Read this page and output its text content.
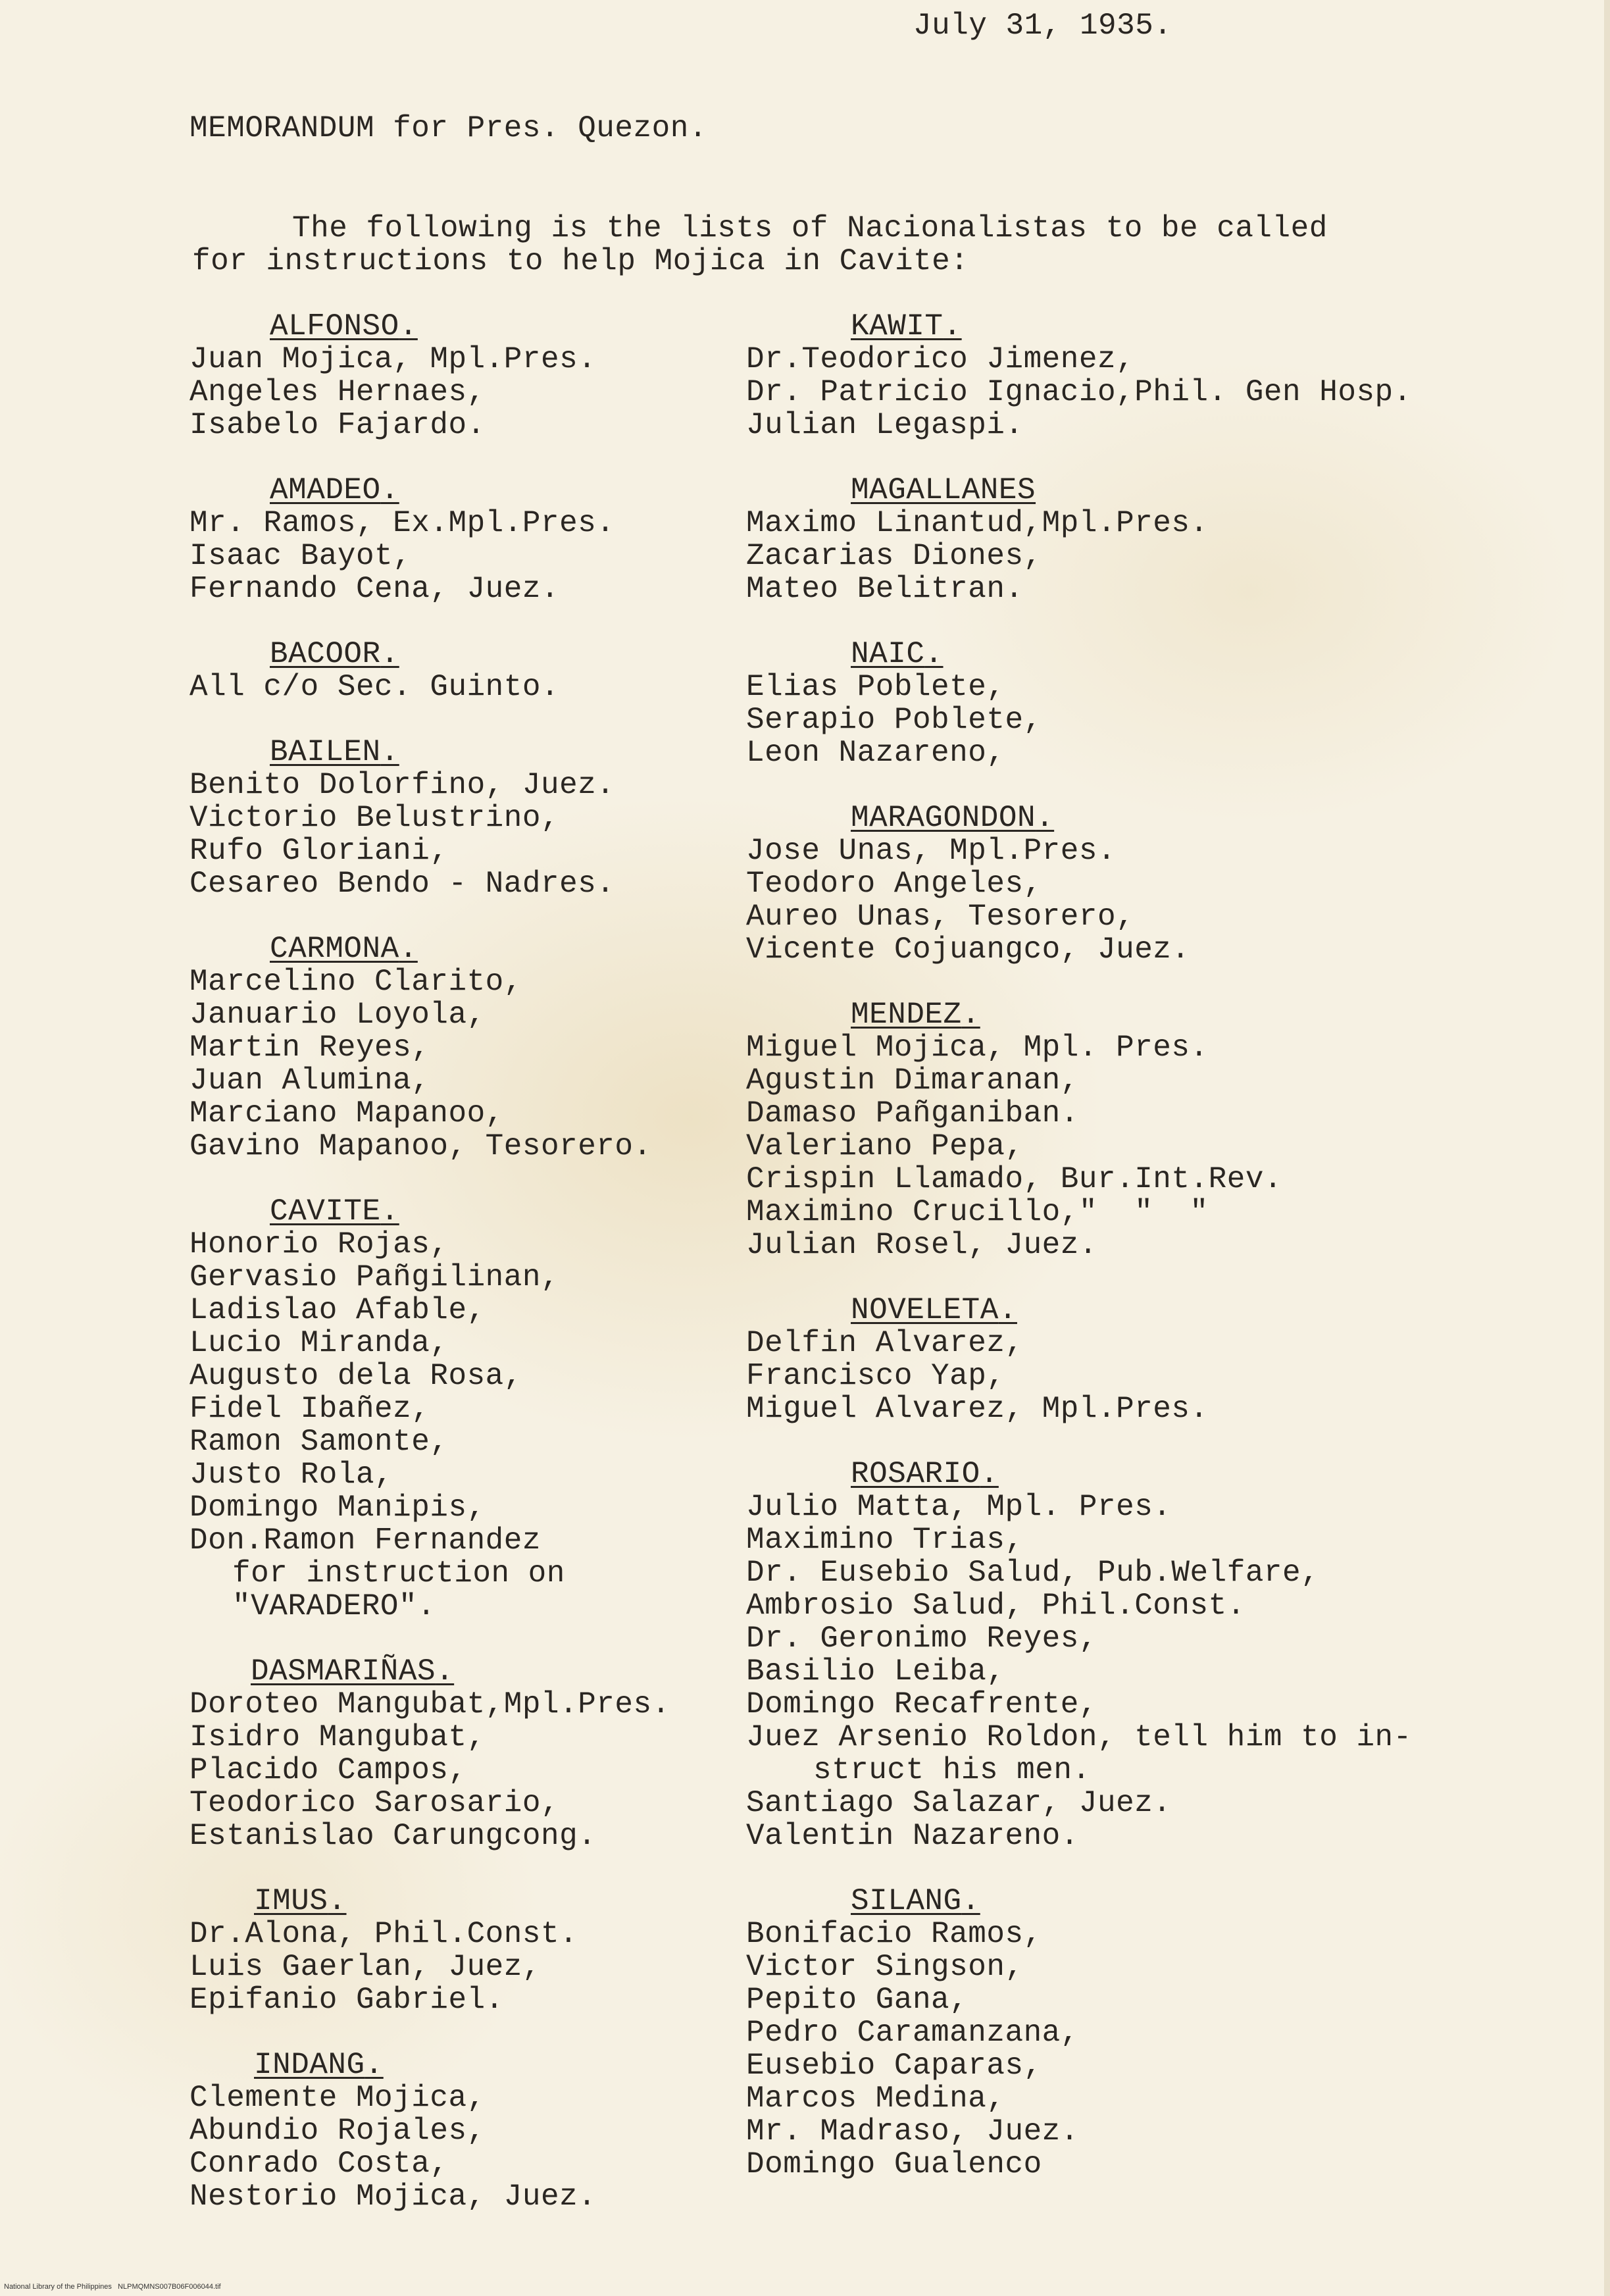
July 31, 1935.
MEMORANDUM for Pres. Quezon.
The following is the lists of Nacionalistas to be called
for instructions to help Mojica in Cavite:
ALFONSO.
Juan Mojica, Mpl.Pres.
Angeles Hernaes,
Isabelo Fajardo.
AMADEO.
Mr. Ramos, Ex.Mpl.Pres.
Isaac Bayot,
Fernando Cena, Juez.
BACOOR.
All c/o Sec. Guinto.
BAILEN.
Benito Dolorfino, Juez.
Victorio Belustrino,
Rufo Gloriani,
Cesareo Bendo - Nadres.
CARMONA.
Marcelino Clarito,
Januario Loyola,
Martin Reyes,
Juan Alumina,
Marciano Mapanoo,
Gavino Mapanoo, Tesorero.
CAVITE.
Honorio Rojas,
Gervasio Pañgilinan,
Ladislao Afable,
Lucio Miranda,
Augusto dela Rosa,
Fidel Ibañez,
Ramon Samonte,
Justo Rola,
Domingo Manipis,
Don.Ramon Fernandez
for instruction on
"VARADERO".
DASMARIÑAS.
Doroteo Mangubat,Mpl.Pres.
Isidro Mangubat,
Placido Campos,
Teodorico Sarosario,
Estanislao Carungcong.
IMUS.
Dr.Alona, Phil.Const.
Luis Gaerlan, Juez,
Epifanio Gabriel.
INDANG.
Clemente Mojica,
Abundio Rojales,
Conrado Costa,
Nestorio Mojica, Juez.
KAWIT.
Dr.Teodorico Jimenez,
Dr. Patricio Ignacio,Phil. Gen Hosp.
Julian Legaspi.
MAGALLANES
Maximo Linantud,Mpl.Pres.
Zacarias Diones,
Mateo Belitran.
NAIC.
Elias Poblete,
Serapio Poblete,
Leon Nazareno,
MARAGONDON.
Jose Unas, Mpl.Pres.
Teodoro Angeles,
Aureo Unas, Tesorero,
Vicente Cojuangco, Juez.
MENDEZ.
Miguel Mojica, Mpl. Pres.
Agustin Dimaranan,
Damaso Pañganiban.
Valeriano Pepa,
Crispin Llamado, Bur.Int.Rev.
Maximino Crucillo,"  "  "
Julian Rosel, Juez.
NOVELETA.
Delfin Alvarez,
Francisco Yap,
Miguel Alvarez, Mpl.Pres.
ROSARIO.
Julio Matta, Mpl. Pres.
Maximino Trias,
Dr. Eusebio Salud, Pub.Welfare,
Ambrosio Salud, Phil.Const.
Dr. Geronimo Reyes,
Basilio Leiba,
Domingo Recafrente,
Juez Arsenio Roldon, tell him to in-
struct his men.
Santiago Salazar, Juez.
Valentin Nazareno.
SILANG.
Bonifacio Ramos,
Victor Singson,
Pepito Gana,
Pedro Caramanzana,
Eusebio Caparas,
Marcos Medina,
Mr. Madraso, Juez.
Domingo Gualenco
National Library of the Philippines   NLPMQMNS007B06F006044.tif
